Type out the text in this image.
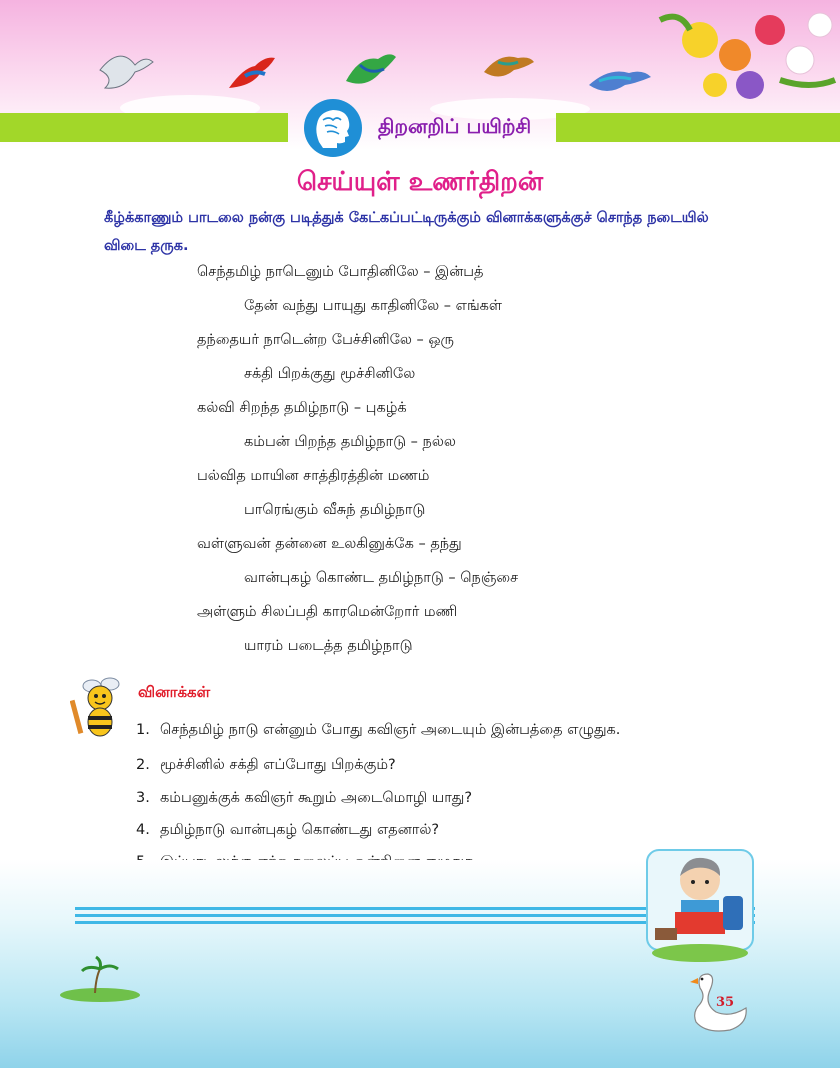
திறனறிப் பயிற்சி
செய்யுள் உணர்திறன்
கீழ்க்காணும் பாடலை நன்கு படித்துக் கேட்கப்பட்டிருக்கும் வினாக்களுக்குச் சொந்த நடையில் விடை தருக.
செந்தமிழ் நாடெனும் போதினிலே – இன்பத்
தேன் வந்து பாயுது காதினிலே – எங்கள்
தந்தையர் நாடென்ற பேச்சினிலே – ஒரு
சக்தி பிறக்குது மூச்சினிலே
கல்வி சிறந்த தமிழ்நாடு – புகழ்க்
கம்பன் பிறந்த தமிழ்நாடு – நல்ல
பல்வித மாயின சாத்திரத்தின் மணம்
பாரெங்கும் வீசுந் தமிழ்நாடு
வள்ளுவன் தன்னை உலகினுக்கே – தந்து
வான்புகழ் கொண்ட தமிழ்நாடு – நெஞ்சை
அள்ளும் சிலப்பதி காரமென்றோர் மணி
யாரம் படைத்த தமிழ்நாடு
வினாக்கள்
1. செந்தமிழ் நாடு என்னும் போது கவிஞர் அடையும் இன்பத்தை எழுதுக.
2. மூச்சினில் சக்தி எப்போது பிறக்கும்?
3. கம்பனுக்குக் கவிஞர் கூறும் அடைமொழி யாது?
4. தமிழ்நாடு வான்புகழ் கொண்டது எதனால்?
35
